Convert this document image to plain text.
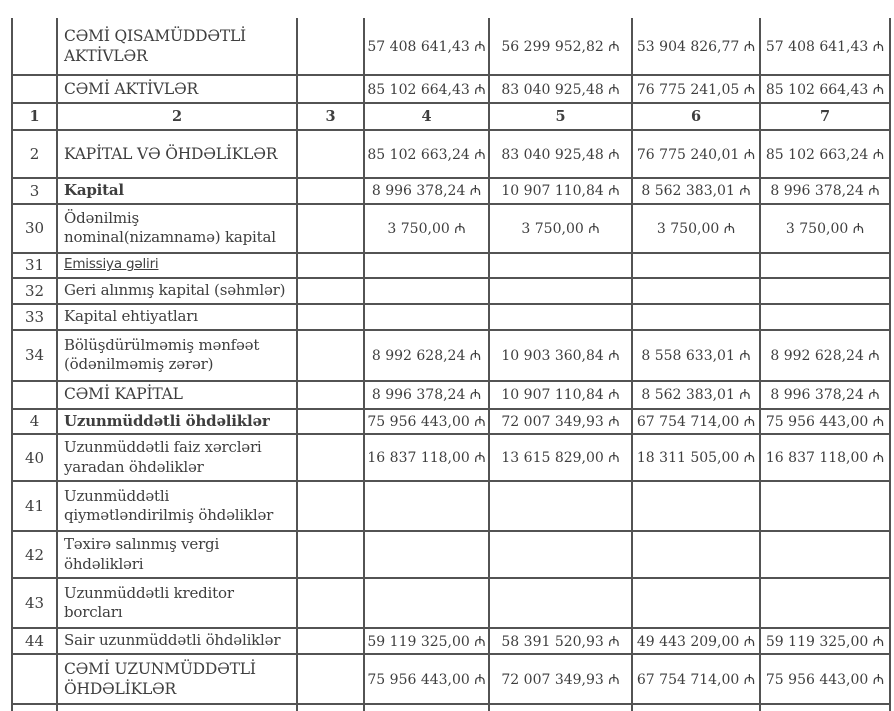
	CƏMİ QISAMÜDDƏTLİ AKTİVLƏR		57 408 641,43 ₼	56 299 952,82 ₼	53 904 826,77 ₼	57 408 641,43 ₼
	CƏMİ AKTİVLƏR		85 102 664,43 ₼	83 040 925,48 ₼	76 775 241,05 ₼	85 102 664,43 ₼
1	2	3	4	5	6	7
2	KAPİTAL VƏ ÖHDƏLİKLƏR		85 102 663,24 ₼	83 040 925,48 ₼	76 775 240,01 ₼	85 102 663,24 ₼
3	Kapital		8 996 378,24 ₼	10 907 110,84 ₼	8 562 383,01 ₼	8 996 378,24 ₼
30	Ödənilmiş nominal(nizamnamə) kapital		3 750,00 ₼	3 750,00 ₼	3 750,00 ₼	3 750,00 ₼
31	Emissiya gəliri					
32	Geri alınmış kapital (səhmlər)					
33	Kapital ehtiyatları					
34	Bölüşdürülməmiş mənfəət (ödənilməmiş zərər)		8 992 628,24 ₼	10 903 360,84 ₼	8 558 633,01 ₼	8 992 628,24 ₼
	CƏMİ KAPİTAL		8 996 378,24 ₼	10 907 110,84 ₼	8 562 383,01 ₼	8 996 378,24 ₼
4	Uzunmüddətli öhdəliklər		75 956 443,00 ₼	72 007 349,93 ₼	67 754 714,00 ₼	75 956 443,00 ₼
40	Uzunmüddətli faiz xərcləri yaradan öhdəliklər		16 837 118,00 ₼	13 615 829,00 ₼	18 311 505,00 ₼	16 837 118,00 ₼
41	Uzunmüddətli qiymətləndirilmiş öhdəliklər					
42	Təxirə salınmış vergi öhdəlikləri					
43	Uzunmüddətli kreditor borcları					
44	Sair uzunmüddətli öhdəliklər		59 119 325,00 ₼	58 391 520,93 ₼	49 443 209,00 ₼	59 119 325,00 ₼
	CƏMİ UZUNMÜDDƏTLİ ÖHDƏLİKLƏR		75 956 443,00 ₼	72 007 349,93 ₼	67 754 714,00 ₼	75 956 443,00 ₼
